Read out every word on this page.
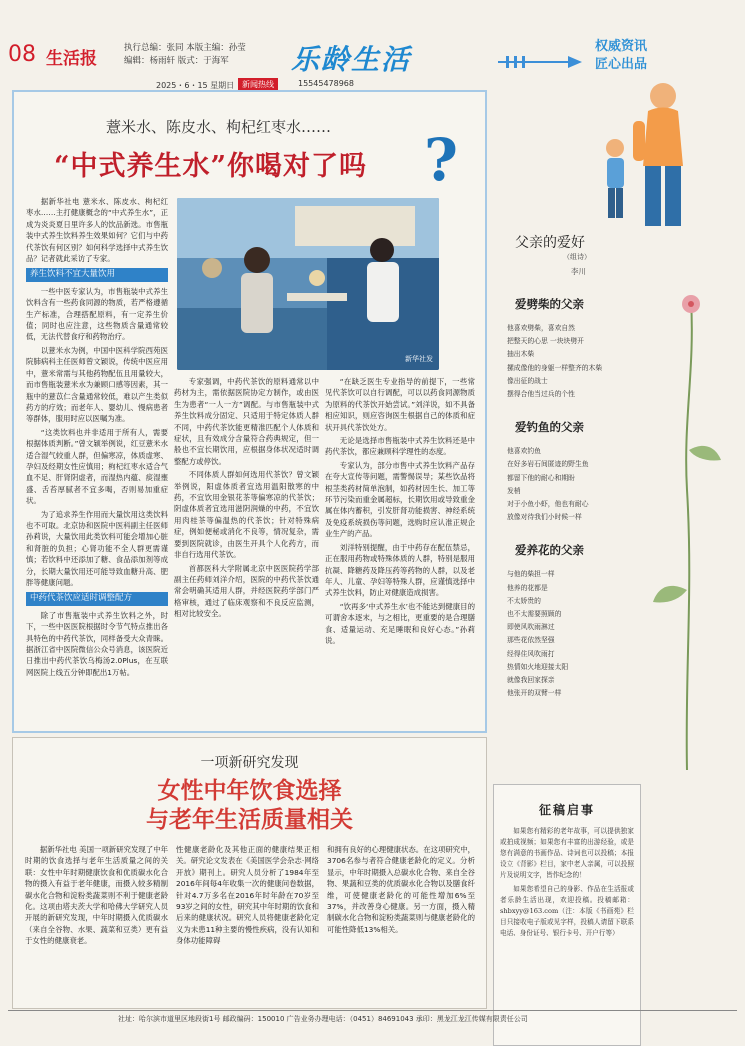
08 生活报
执行总编：张同 本版主编：孙莹
编辑：杨雨轩 版式：于海军	乐龄生活
2025・6・15 星期日 新闻热线	15545478968
权威资讯
匠心出品
薏米水、陈皮水、枸杞红枣水……
“中式养生水”你喝对了吗 ?
新华社发

据新华社电 薏米水、陈皮水、枸杞红枣水……主打健康概念的“中式养生水”，正成为炎炎夏日里许多人的饮品新选。市售瓶装中式养生饮料养生效果如何？它们与中药代茶饮有何区别？如何科学选择中式养生饮品？记者就此采访了专家。

养生饮料不宜大量饮用

一些中医专家认为，市售瓶装中式养生饮料含有一些药食同源的物质，若严格遵循生产标准，合理搭配原料，有一定养生价值；同时也应注意，这些物质含量通常较低，无法代替食疗和药物治疗。

以薏米水为例，中国中医科学院西苑医院肺病科主任医师曾文颖说，传统中医应用中，薏米常需与其他药物配伍且用量较大，而市售瓶装薏米水为兼顾口感等因素，其一瓶中的薏苡仁含量通常较低，难以产生类似药方的疗效；而老年人、婴幼儿、慢病患者等群体，服用时应以医嘱为准。

“这类饮料也并非适用于所有人，需要根据体质判断。”曾文颖举例说，红豆薏米水适合湿气较重人群，但偏寒凉，体质虚寒、孕妇及经期女性应慎用；枸杞红枣水适合气血不足、肝肾阴虚者，而湿热内蕴、痰湿壅盛、舌苔厚腻者不宜多喝，否则易加重症状。

为了追求养生作用而大量饮用这类饮料也不可取。北京协和医院中医科副主任医师孙莉说，大量饮用此类饮料可能会增加心脏和肾脏的负担；心肾功能不全人群更需谨慎；若饮料中还添加了糖、食品添加剂等成分，长期大量饮用还可能导致血糖升高、肥胖等健康问题。

中药代茶饮应适时调整配方

除了市售瓶装中式养生饮料之外，时下，一些中医医院根据时令节气特点推出各具特色的中药代茶饮，同样备受大众青睐。据浙江省中医院微信公众号消息，该医院近日推出中药代茶饮乌梅汤2.0Plus，在互联网医院上线五分钟即配出1万帖。

专家强调，中药代茶饮的原料通常以中药材为主，需依据医院协定方制作，或由医生为患者“一人一方”调配。与市售瓶装中式养生饮料成分固定、只适用于特定体质人群不同，中药代茶饮能更精准匹配个人体质和症状，且有效成分含量符合药典规定，但一般也不宜长期饮用，应根据身体状况适时调整配方或停饮。

不同体质人群如何选用代茶饮？曾文颖举例说，阳虚体质者宜选用温阳散寒的中药，不宜饮用金银花茶等偏寒凉的代茶饮；阴虚体质者宜选用滋阴润燥的中药，不宜饮用肉桂茶等偏温热的代茶饮；针对特殊病症，例如便秘或消化不良等，情况复杂，需要到医院就诊，由医生开具个人化药方，而非自行选用代茶饮。

首都医科大学附属北京中医医院药学部副主任药师刘洋介绍，医院的中药代茶饮通常会明确其适用人群，并经医院药学部门严格审核，通过了临床观察和不良反应监测，相对比较安全。

“在缺乏医生专业指导的前提下，一些常见代茶饮可以自行调配，可以以药食同源物质为原料的代茶饮开始尝试。”刘洋说，如不具备相应知识，则应咨询医生根据自己的体质和症状开具代茶饮处方。

无论是选择市售瓶装中式养生饮料还是中药代茶饮，都应兼顾科学理性的态度。

专家认为，部分市售中式养生饮料产品存在夸大宣传等问题，需警惕误导；某些饮品将根茎类药材简单泡制，如药材因生长、加工等环节污染而重金属超标，长期饮用或导致重金属在体内蓄积，引发肝肾功能损害、神经系统及免疫系统损伤等问题，选购时应认准正规企业生产的产品。

刘洋特别提醒，由于中药存在配伍禁忌，正在服用药物或特殊体质的人群，特别是服用抗凝、降糖药及降压药等药物的人群，以及老年人、儿童、孕妇等特殊人群，应谨慎选择中式养生饮料，防止对健康造成损害。

“饮再多‘中式养生水’也不能达到健康目的可谓舍本逐末，与之相比，更重要的是合理膳食、适量运动、充足睡眠和良好心态。”孙莉说。

一项新研究发现
女性中年饮食选择
与老年生活质量相关

据新华社电 美国一项新研究发现了中年时期的饮食选择与老年生活质量之间的关联：女性中年时期健康饮食和优质碳水化合物的摄入有益于老年健康，而摄入较多精制碳水化合物和淀粉类蔬菜则不利于健康老龄化。这项由塔夫茨大学和哈佛大学研究人员开展的新研究发现，中年时期摄入优质碳水（来自全谷物、水果、蔬菜和豆类）更有益于女性的健康衰老。

性健康老龄化及其他正面的健康结果正相关。研究论文发表在《美国医学会杂志·网络开放》期刊上。研究人员分析了1984年至2016年间每4年收集一次的健康问卷数据，针对4.7万多名在2016年时年龄在70岁至93岁之间的女性，研究其中年时期的饮食和后来的健康状况。研究人员将健康老龄化定义为未患11种主要的慢性疾病，没有认知和身体功能障碍

和拥有良好的心理健康状态。在这项研究中，3706名参与者符合健康老龄化的定义。分析显示，中年时期摄入总碳水化合物、来自全谷物、果蔬和豆类的优质碳水化合物以及膳食纤维，可使健康老龄化的可能性增加6%至37%，并改善身心健康。另一方面，摄入精制碳水化合物和淀粉类蔬菜则与健康老龄化的可能性降低13%相关。

父亲的爱好
（组诗）
李川
爱劈柴的父亲
他喜欢劈柴，喜欢自然
把整天的心思 一块块劈开
抽出木柴
摞成像他的身躯一样整齐的木柴
像出征的战士
摆得合他当过兵的个性
爱钓鱼的父亲
他喜欢钓鱼
在好多岩石间匿迹的野生鱼
都留下他的耐心和期盼
发梢
对于小鱼小虾，他也有耐心
放像对待我们小时候一样
爱养花的父亲
与他的柴担一样
他养的花都是
不太娇贵的
也不太需要照顾的
即使风吹雨淋过
那些花依然坚强
经得住风吹雨打
热情如火地迎接太阳
就像我回家探亲
他张开的双臂一样
征稿启事

如果您有精彩的老年故事，可以提供独家或拍成视频；如果您有丰富的出游经验，或是您有满意的书画作品、诗词也可以投稿；本报设立《背影》栏目，家中老人亲属，可以投照片及说明文字，皆作纪念的！

如果您希望自己的身影、作品在生活报或者乐龄生活出现，欢迎投稿。投稿邮箱：shbxyy@163.com（注：本版《书画苑》栏目只接收电子版或见字样，投稿人请留下联系电话、身份证号、银行卡号、开户行等）

社址：哈尔滨市道里区地段街1号 邮政编码：150010 广告业务办理电话：（0451）84691043 承印：黑龙江龙江传媒有限责任公司
